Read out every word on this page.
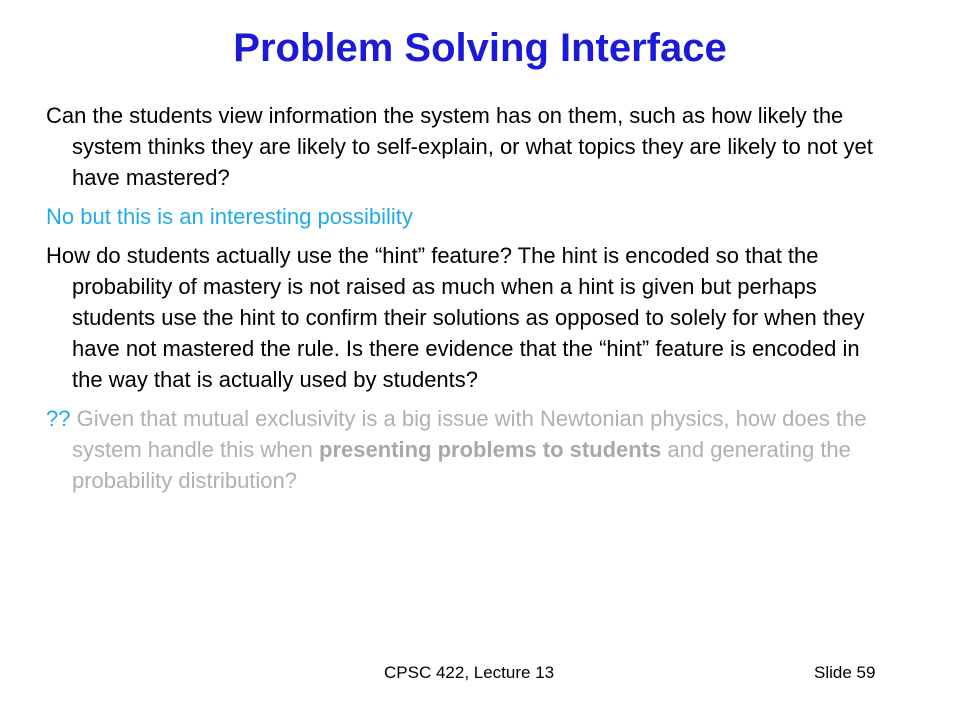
Problem Solving Interface

Can the students view information the system has on them, such as how likely the system thinks they are likely to self-explain, or what topics they are likely to not yet have mastered?

No but this is an interesting possibility

How do students actually use the “hint” feature? The hint is encoded so that the probability of mastery is not raised as much when a hint is given but perhaps students use the hint to confirm their solutions as opposed to solely for when they have not mastered the rule. Is there evidence that the “hint” feature is encoded in the way that is actually used by students?

?? Given that mutual exclusivity is a big issue with Newtonian physics, how does the system handle this when presenting problems to students and generating the probability distribution?

CPSC 422, Lecture 13	Slide 59
